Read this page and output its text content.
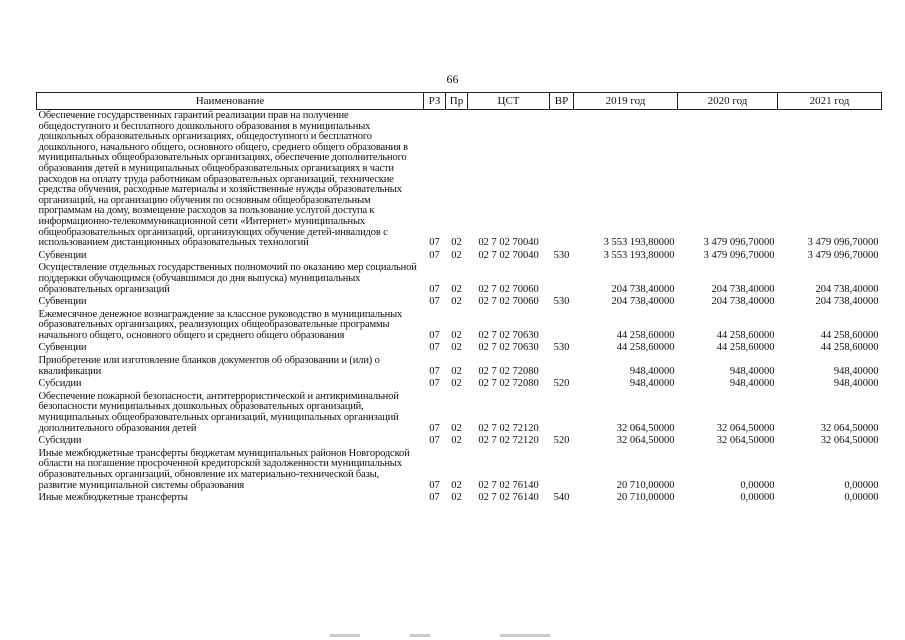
66
Наименование	РЗ	Пр	ЦСТ	ВР	2019 год	2020 год	2021 год
Обеспечение государственных гарантий реализации прав на получение общедоступного и бесплатного дошкольного образования в муниципальных дошкольных образовательных организациях, общедоступного и бесплатного дошкольного, начального общего, основного общего, среднего общего образования в муниципальных общеобразовательных организациях, обеспечение дополнительного образования детей в муниципальных общеобразовательных организациях в части расходов на оплату труда работникам образовательных организаций, технические средства обучения, расходные материалы и хозяйственные нужды образовательных организаций, на организацию обучения по основным общеобразовательным программам на дому, возмещение расходов за пользование услугой доступа к информационно-телекоммуникационной сети «Интернет» муниципальных общеобразовательных организаций, организующих обучение детей-инвалидов с использованием дистанционных образовательных технологий	07	02	02 7 02 70040		3 553 193,80000	3 479 096,70000	3 479 096,70000
Субвенции	07	02	02 7 02 70040	530	3 553 193,80000	3 479 096,70000	3 479 096,70000
Осуществление отдельных государственных полномочий по оказанию мер социальной поддержки обучающимся (обучавшимся до дня выпуска) муниципальных образовательных организаций	07	02	02 7 02 70060		204 738,40000	204 738,40000	204 738,40000
Субвенции	07	02	02 7 02 70060	530	204 738,40000	204 738,40000	204 738,40000
Ежемесячное денежное вознаграждение за классное руководство в муниципальных образовательных организациях, реализующих общеобразовательные программы начального общего, основного общего и среднего общего образования	07	02	02 7 02 70630		44 258,60000	44 258,60000	44 258,60000
Субвенции	07	02	02 7 02 70630	530	44 258,60000	44 258,60000	44 258,60000
Приобретение или изготовление бланков документов об образовании и (или) о квалификации	07	02	02 7 02 72080		948,40000	948,40000	948,40000
Субсидии	07	02	02 7 02 72080	520	948,40000	948,40000	948,40000
Обеспечение пожарной безопасности, антитеррористической и антикриминальной безопасности муниципальных дошкольных образовательных организаций, муниципальных общеобразовательных организаций, муниципальных организаций дополнительного образования детей	07	02	02 7 02 72120		32 064,50000	32 064,50000	32 064,50000
Субсидии	07	02	02 7 02 72120	520	32 064,50000	32 064,50000	32 064,50000
Иные межбюджетные трансферты бюджетам муниципальных районов Новгородской области на погашение просроченной кредиторской задолженности муниципальных образовательных организаций, обновление их материально-технической базы, развитие муниципальной системы образования	07	02	02 7 02 76140		20 710,00000	0,00000	0,00000
Иные межбюджетные трансферты	07	02	02 7 02 76140	540	20 710,00000	0,00000	0,00000
